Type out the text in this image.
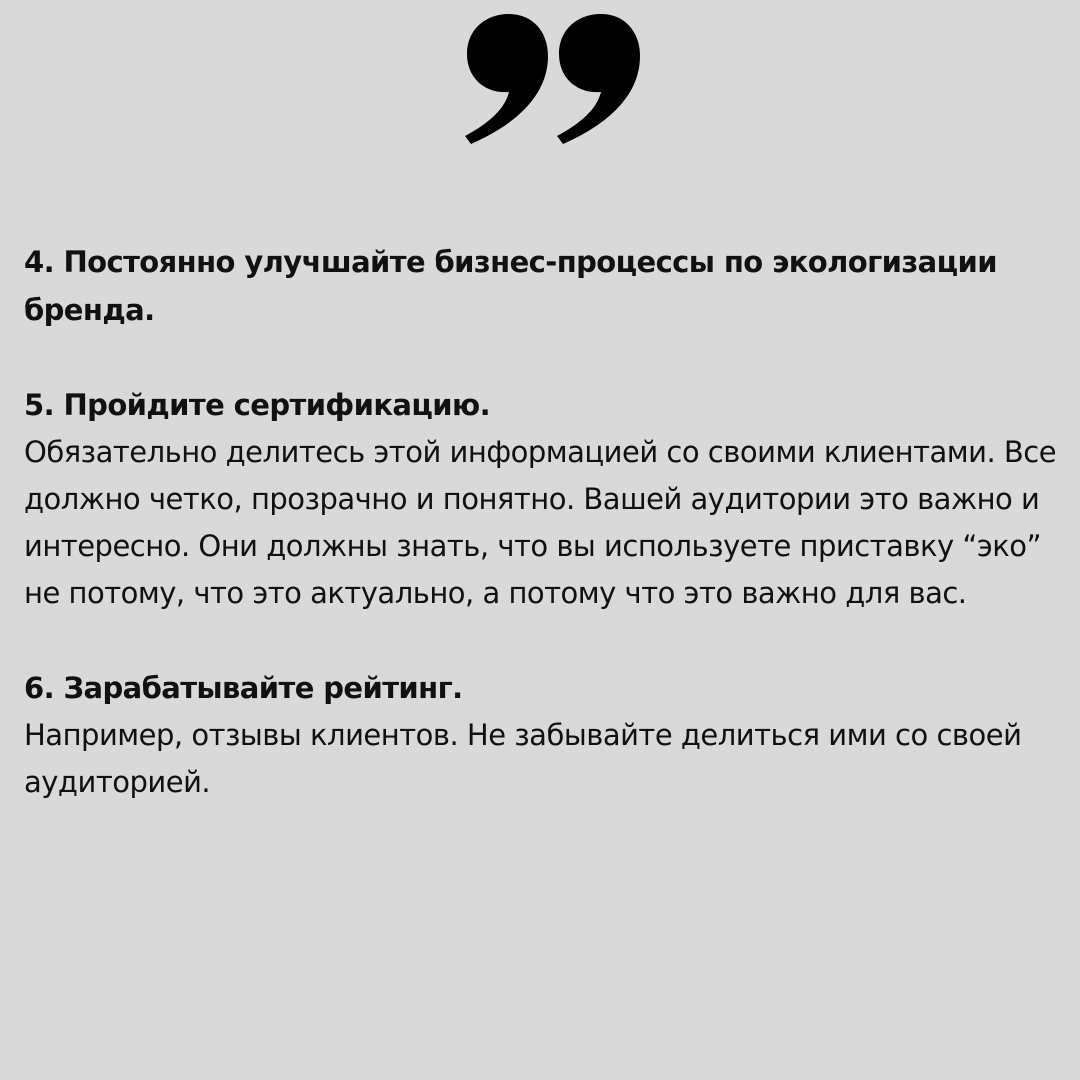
4. Постоянно улучшайте бизнес-процессы по экологизации бренда.

5. Пройдите сертификацию.

Обязательно делитесь этой информацией со своими клиентами. Все должно четко, прозрачно и понятно. Вашей аудитории это важно и интересно. Они должны знать, что вы используете приставку “эко” не потому, что это актуально, а потому что это важно для вас.

6. Зарабатывайте рейтинг.

Например, отзывы клиентов. Не забывайте делиться ими со своей аудиторией.
